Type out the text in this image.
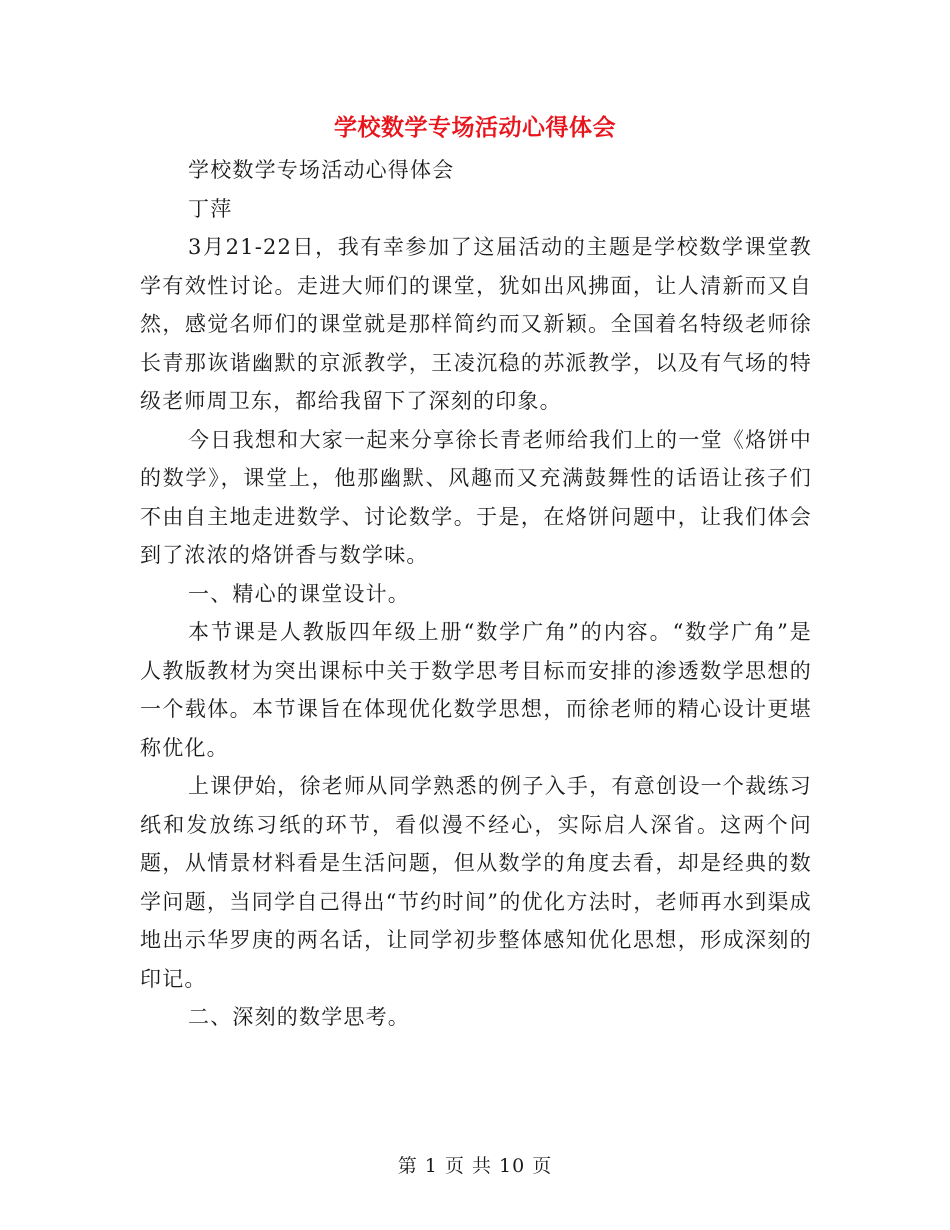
学校数学专场活动心得体会

学校数学专场活动心得体会

丁萍

3月21-22日，我有幸参加了这届活动的主题是学校数学课堂教学有效性讨论。走进大师们的课堂，犹如出风拂面，让人清新而又自然，感觉名师们的课堂就是那样简约而又新颖。全国着名特级老师徐长青那诙谐幽默的京派教学，王凌沉稳的苏派教学，以及有气场的特级老师周卫东，都给我留下了深刻的印象。

今日我想和大家一起来分享徐长青老师给我们上的一堂《烙饼中的数学》，课堂上，他那幽默、风趣而又充满鼓舞性的话语让孩子们不由自主地走进数学、讨论数学。于是，在烙饼问题中，让我们体会到了浓浓的烙饼香与数学味。

一、精心的课堂设计。

本节课是人教版四年级上册“数学广角”的内容。“数学广角”是人教版教材为突出课标中关于数学思考目标而安排的渗透数学思想的一个载体。本节课旨在体现优化数学思想，而徐老师的精心设计更堪称优化。

上课伊始，徐老师从同学熟悉的例子入手，有意创设一个裁练习纸和发放练习纸的环节，看似漫不经心，实际启人深省。这两个问题，从情景材料看是生活问题，但从数学的角度去看，却是经典的数学问题，当同学自己得出“节约时间”的优化方法时，老师再水到渠成地出示华罗庚的两名话，让同学初步整体感知优化思想，形成深刻的印记。

二、深刻的数学思考。

第 1 页 共 10 页
